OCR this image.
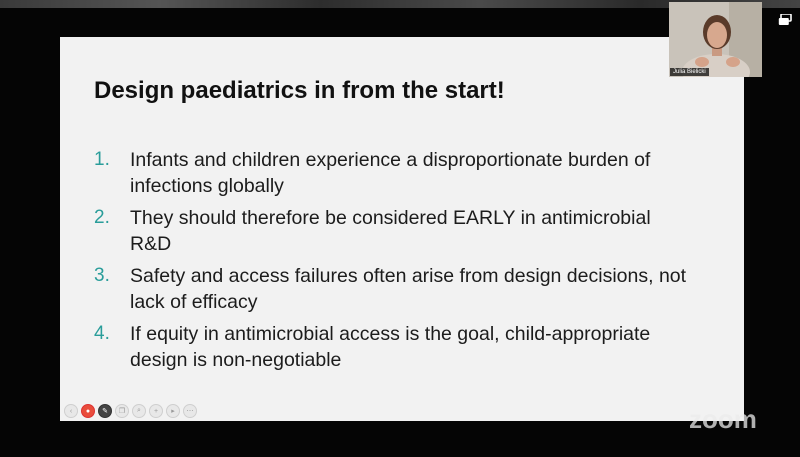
Design paediatrics in from the start!
1.	Infants and children experience a disproportionate burden of infections globally
2.	They should therefore be considered EARLY in antimicrobial R&D
3.	Safety and access failures often arise from design decisions, not lack of efficacy
4.	If equity in antimicrobial access is the goal, child-appropriate design is non-negotiable
‹	●	✎	❐	⌕	+	▸	⋯
Julia Bielicki
zoom
